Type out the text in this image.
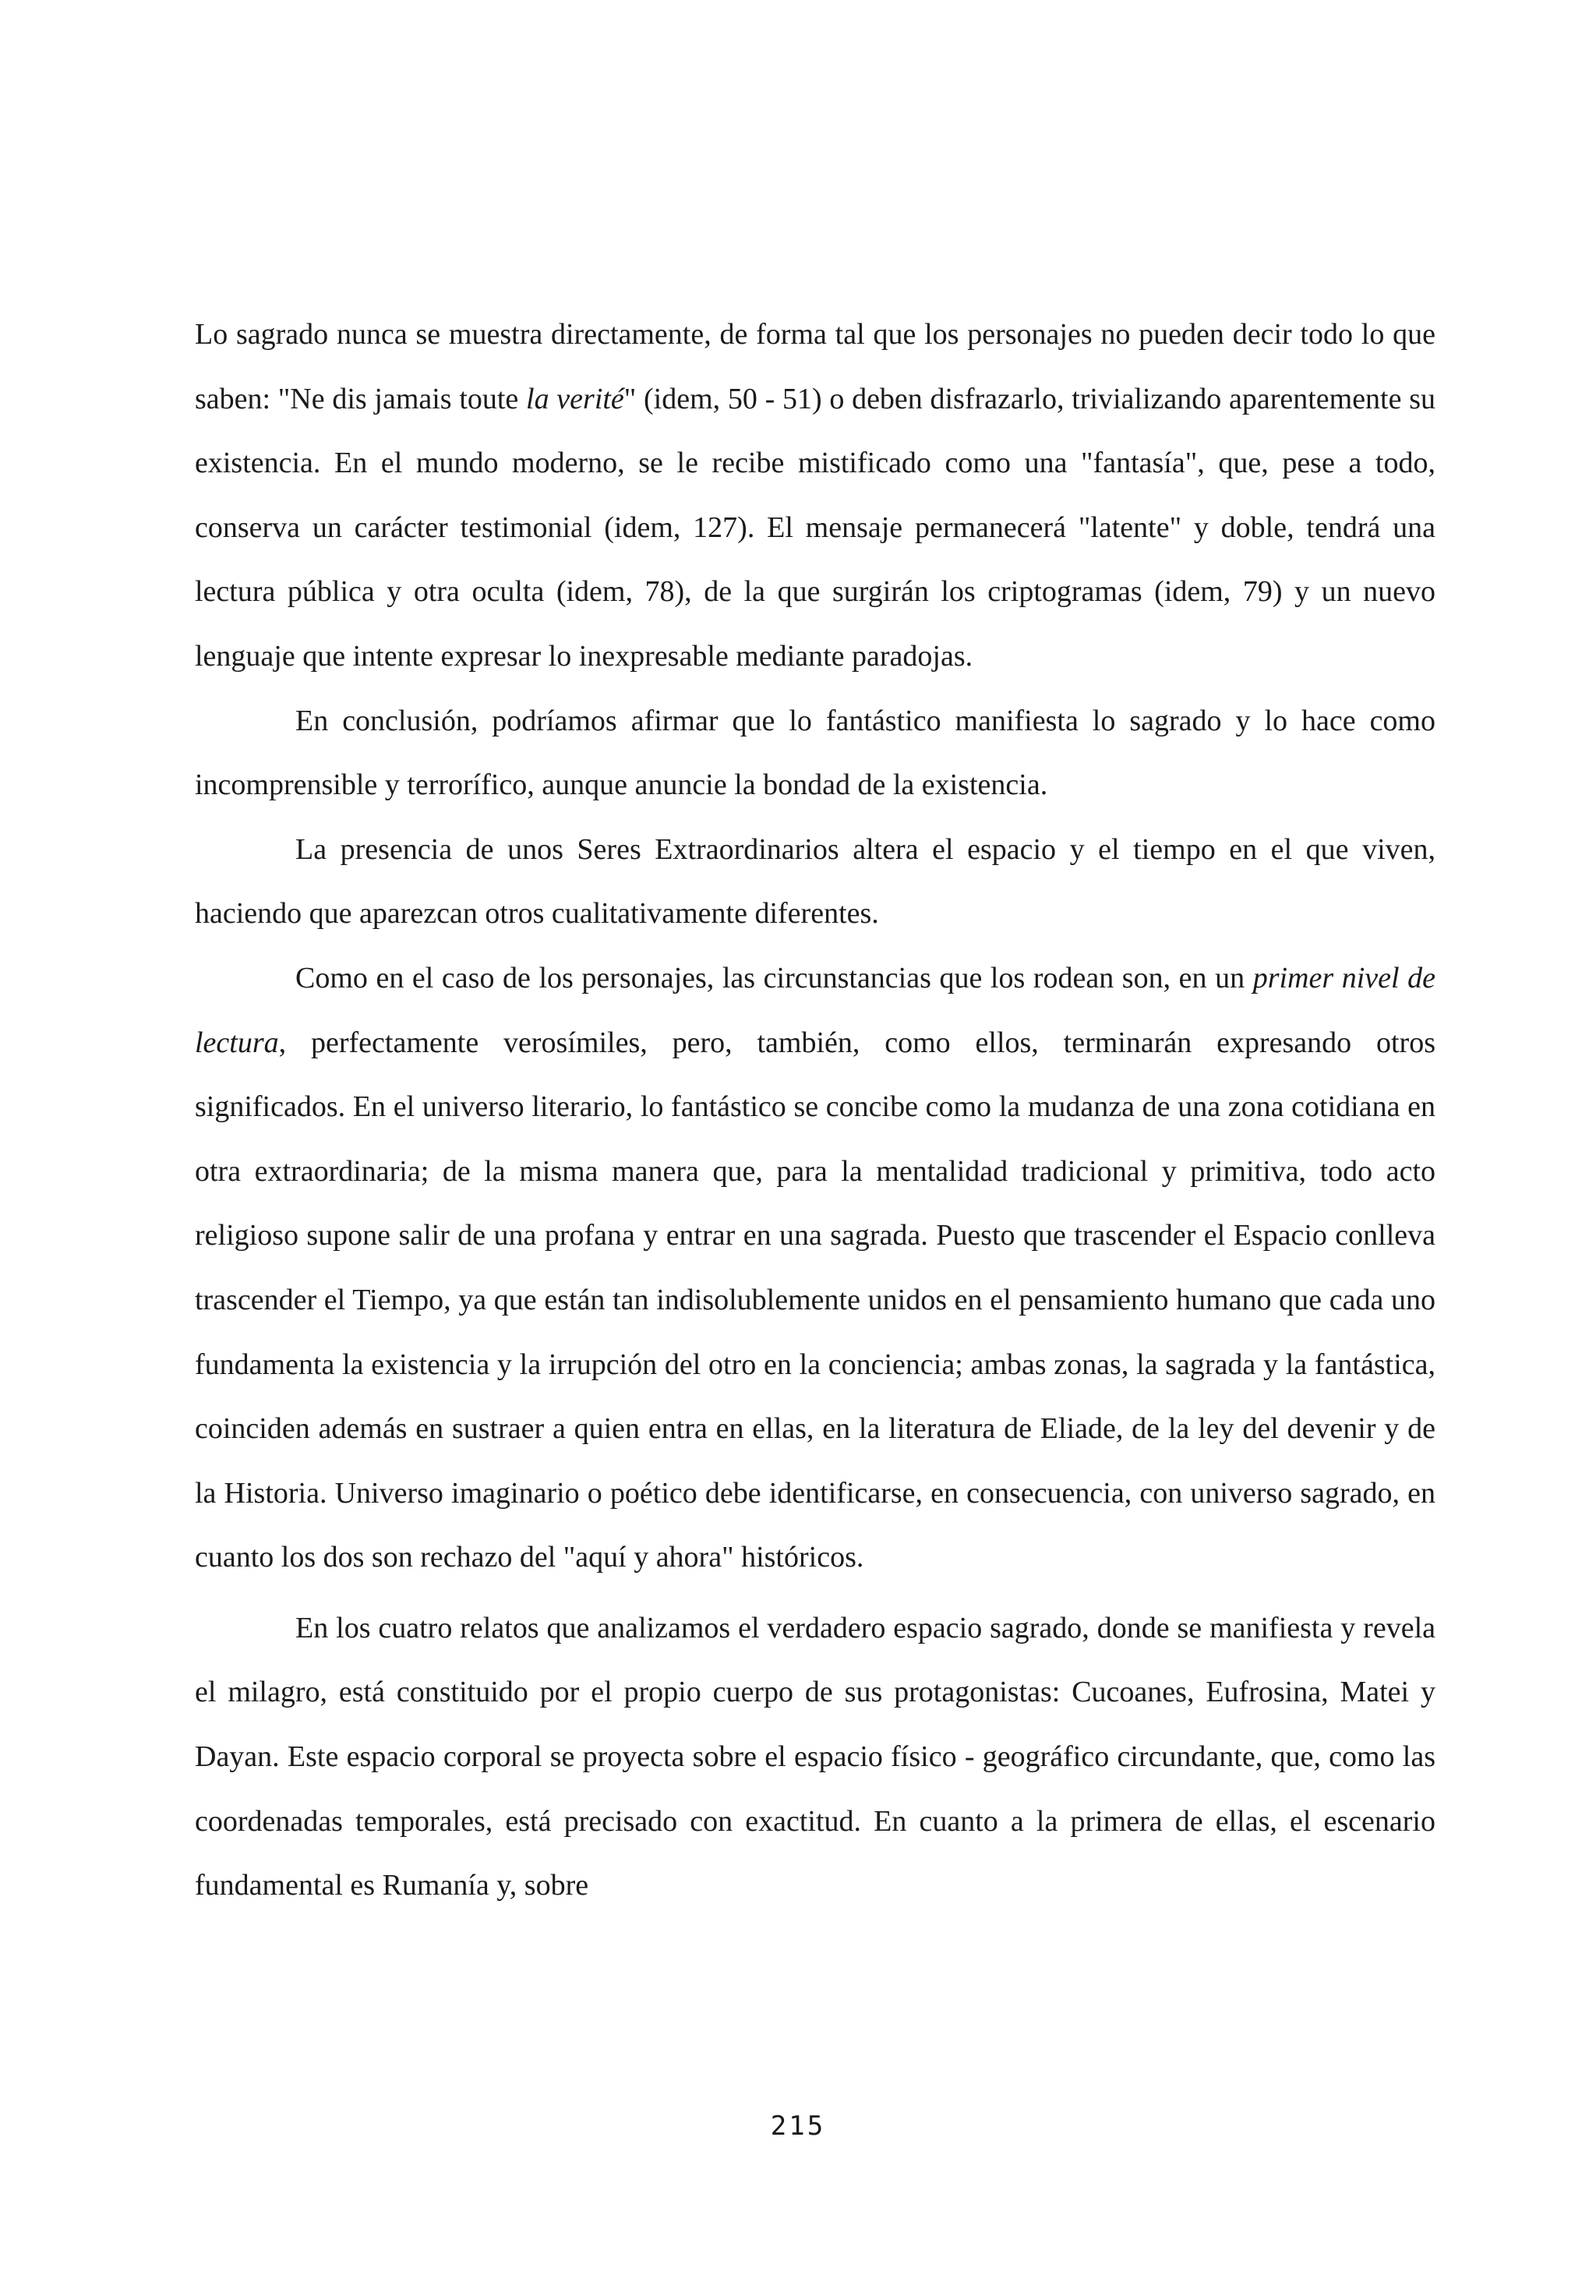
Lo sagrado nunca se muestra directamente, de forma tal que los personajes no pueden decir todo lo que saben: "Ne dis jamais toute la verité" (idem, 50 - 51) o deben disfrazarlo, trivializando aparentemente su existencia. En el mundo moderno, se le recibe mistificado como una "fantasía", que, pese a todo, conserva un carácter testimonial (idem, 127). El mensaje permanecerá "latente" y doble, tendrá una lectura pública y otra oculta (idem, 78), de la que surgirán los criptogramas (idem, 79) y un nuevo lenguaje que intente expresar lo inexpresable mediante paradojas.

En conclusión, podríamos afirmar que lo fantástico manifiesta lo sagrado y lo hace como incomprensible y terrorífico, aunque anuncie la bondad de la existencia.

La presencia de unos Seres Extraordinarios altera el espacio y el tiempo en el que viven, haciendo que aparezcan otros cualitativamente diferentes.

Como en el caso de los personajes, las circunstancias que los rodean son, en un primer nivel de lectura, perfectamente verosímiles, pero, también, como ellos, terminarán expresando otros significados. En el universo literario, lo fantástico se concibe como la mudanza de una zona cotidiana en otra extraordinaria; de la misma manera que, para la mentalidad tradicional y primitiva, todo acto religioso supone salir de una profana y entrar en una sagrada. Puesto que trascender el Espacio conlleva trascender el Tiempo, ya que están tan indisolublemente unidos en el pensamiento humano que cada uno fundamenta la existencia y la irrupción del otro en la conciencia; ambas zonas, la sagrada y la fantástica, coinciden además en sustraer a quien entra en ellas, en la literatura de Eliade, de la ley del devenir y de la Historia. Universo imaginario o poético debe identificarse, en consecuencia, con universo sagrado, en cuanto los dos son rechazo del "aquí y ahora" históricos.

En los cuatro relatos que analizamos el verdadero espacio sagrado, donde se manifiesta y revela el milagro, está constituido por el propio cuerpo de sus protagonistas: Cucoanes, Eufrosina, Matei y Dayan. Este espacio corporal se proyecta sobre el espacio físico - geográfico circundante, que, como las coordenadas temporales, está precisado con exactitud. En cuanto a la primera de ellas, el escenario fundamental es Rumanía y, sobre

215
